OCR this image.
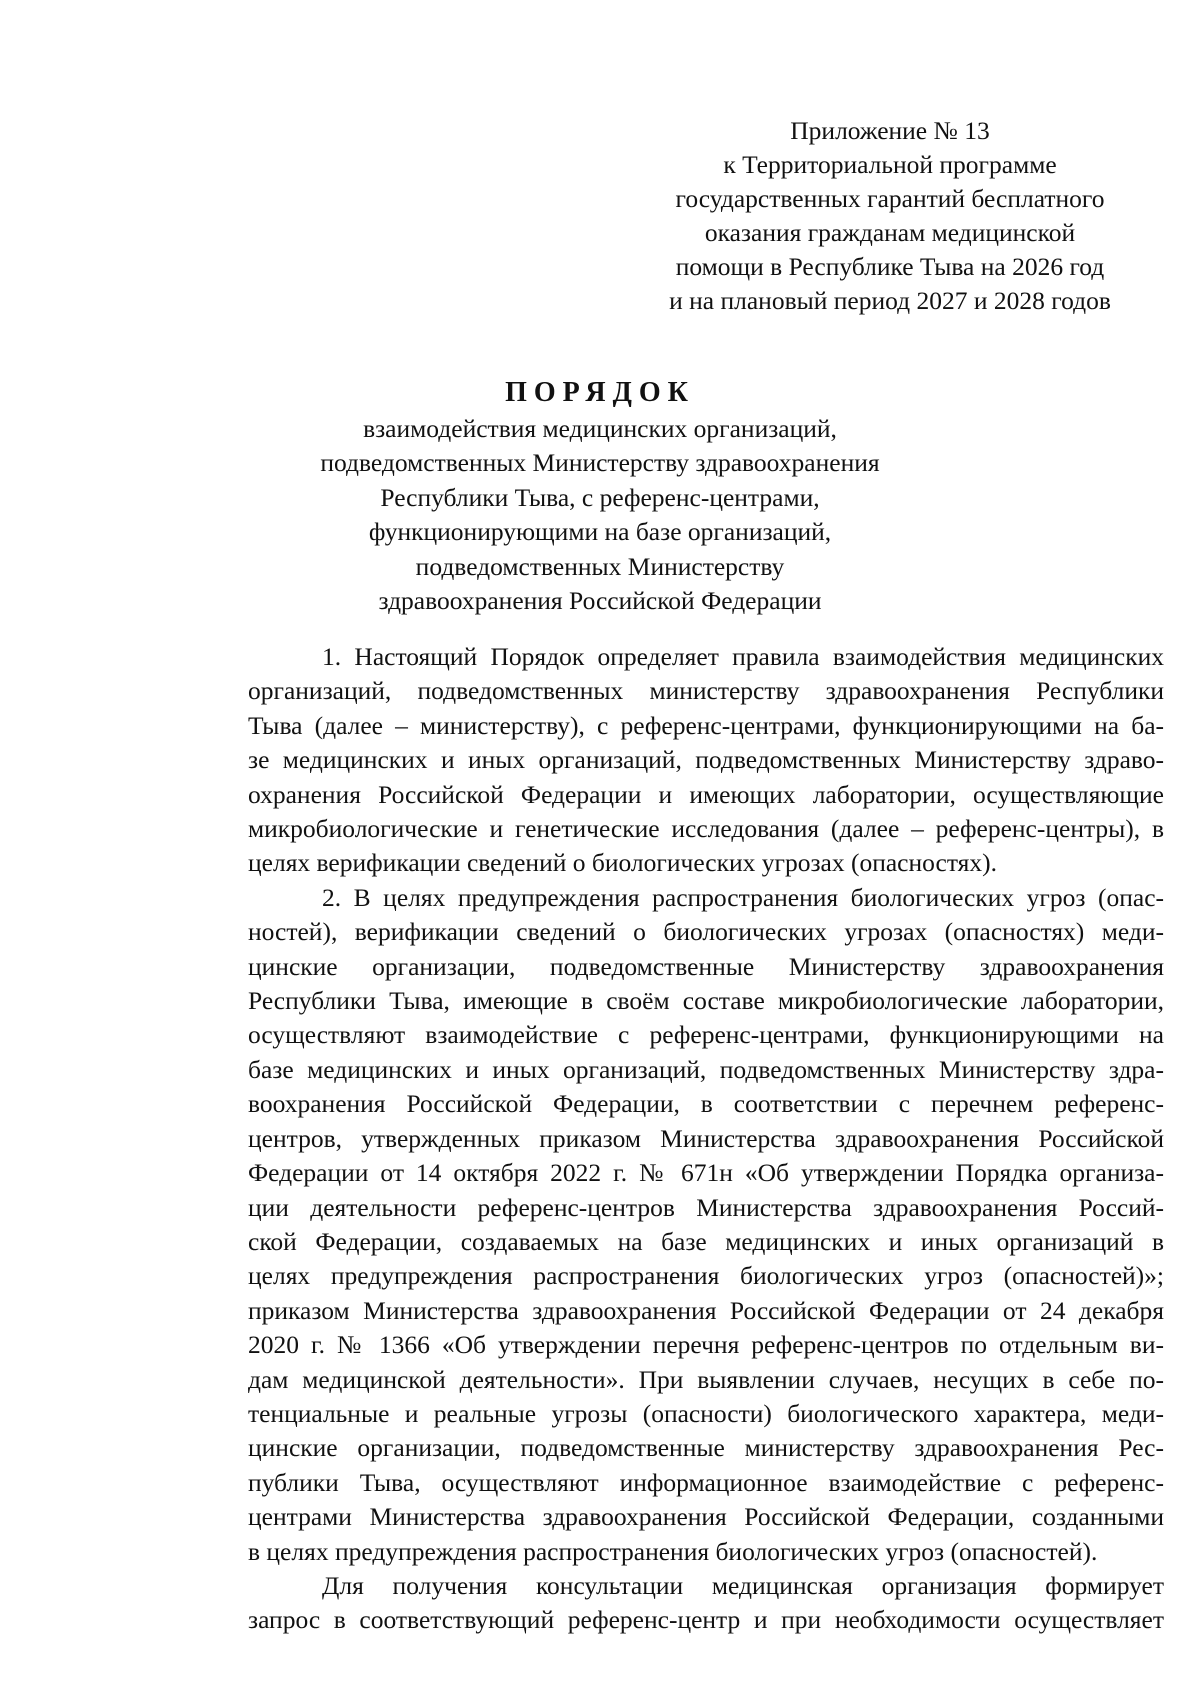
Приложение № 13
к Территориальной программе
государственных гарантий бесплатного
оказания гражданам медицинской
помощи в Республике Тыва на 2026 год
и на плановый период 2027 и 2028 годов
ПОРЯДОК
взаимодействия медицинских организаций,
подведомственных Министерству здравоохранения
Республики Тыва, с референс-центрами,
функционирующими на базе организаций,
подведомственных Министерству
здравоохранения Российской Федерации

1. Настоящий Порядок определяет правила взаимодействия медицинских
организаций, подведомственных министерству здравоохранения Республики
Тыва (далее – министерству), с референс-центрами, функционирующими на ба-
зе медицинских и иных организаций, подведомственных Министерству здраво-
охранения Российской Федерации и имеющих лаборатории, осуществляющие
микробиологические и генетические исследования (далее – референс-центры), в
целях верификации сведений о биологических угрозах (опасностях).

2. В целях предупреждения распространения биологических угроз (опас-
ностей), верификации сведений о биологических угрозах (опасностях) меди-
цинские организации, подведомственные Министерству здравоохранения
Республики Тыва, имеющие в своём составе микробиологические лаборатории,
осуществляют взаимодействие с референс-центрами, функционирующими на
базе медицинских и иных организаций, подведомственных Министерству здра-
воохранения Российской Федерации, в соответствии с перечнем референс-
центров, утвержденных приказом Министерства здравоохранения Российской
Федерации от 14 октября 2022 г. № 671н «Об утверждении Порядка организа-
ции деятельности референс-центров Министерства здравоохранения Россий-
ской Федерации, создаваемых на базе медицинских и иных организаций в
целях предупреждения распространения биологических угроз (опасностей)»;
приказом Министерства здравоохранения Российской Федерации от 24 декабря
2020 г. № 1366 «Об утверждении перечня референс-центров по отдельным ви-
дам медицинской деятельности». При выявлении случаев, несущих в себе по-
тенциальные и реальные угрозы (опасности) биологического характера, меди-
цинские организации, подведомственные министерству здравоохранения Рес-
публики Тыва, осуществляют информационное взаимодействие с референс-
центрами Министерства здравоохранения Российской Федерации, созданными
в целях предупреждения распространения биологических угроз (опасностей).

Для получения консультации медицинская организация формирует
запрос в соответствующий референс-центр и при необходимости осуществляет
